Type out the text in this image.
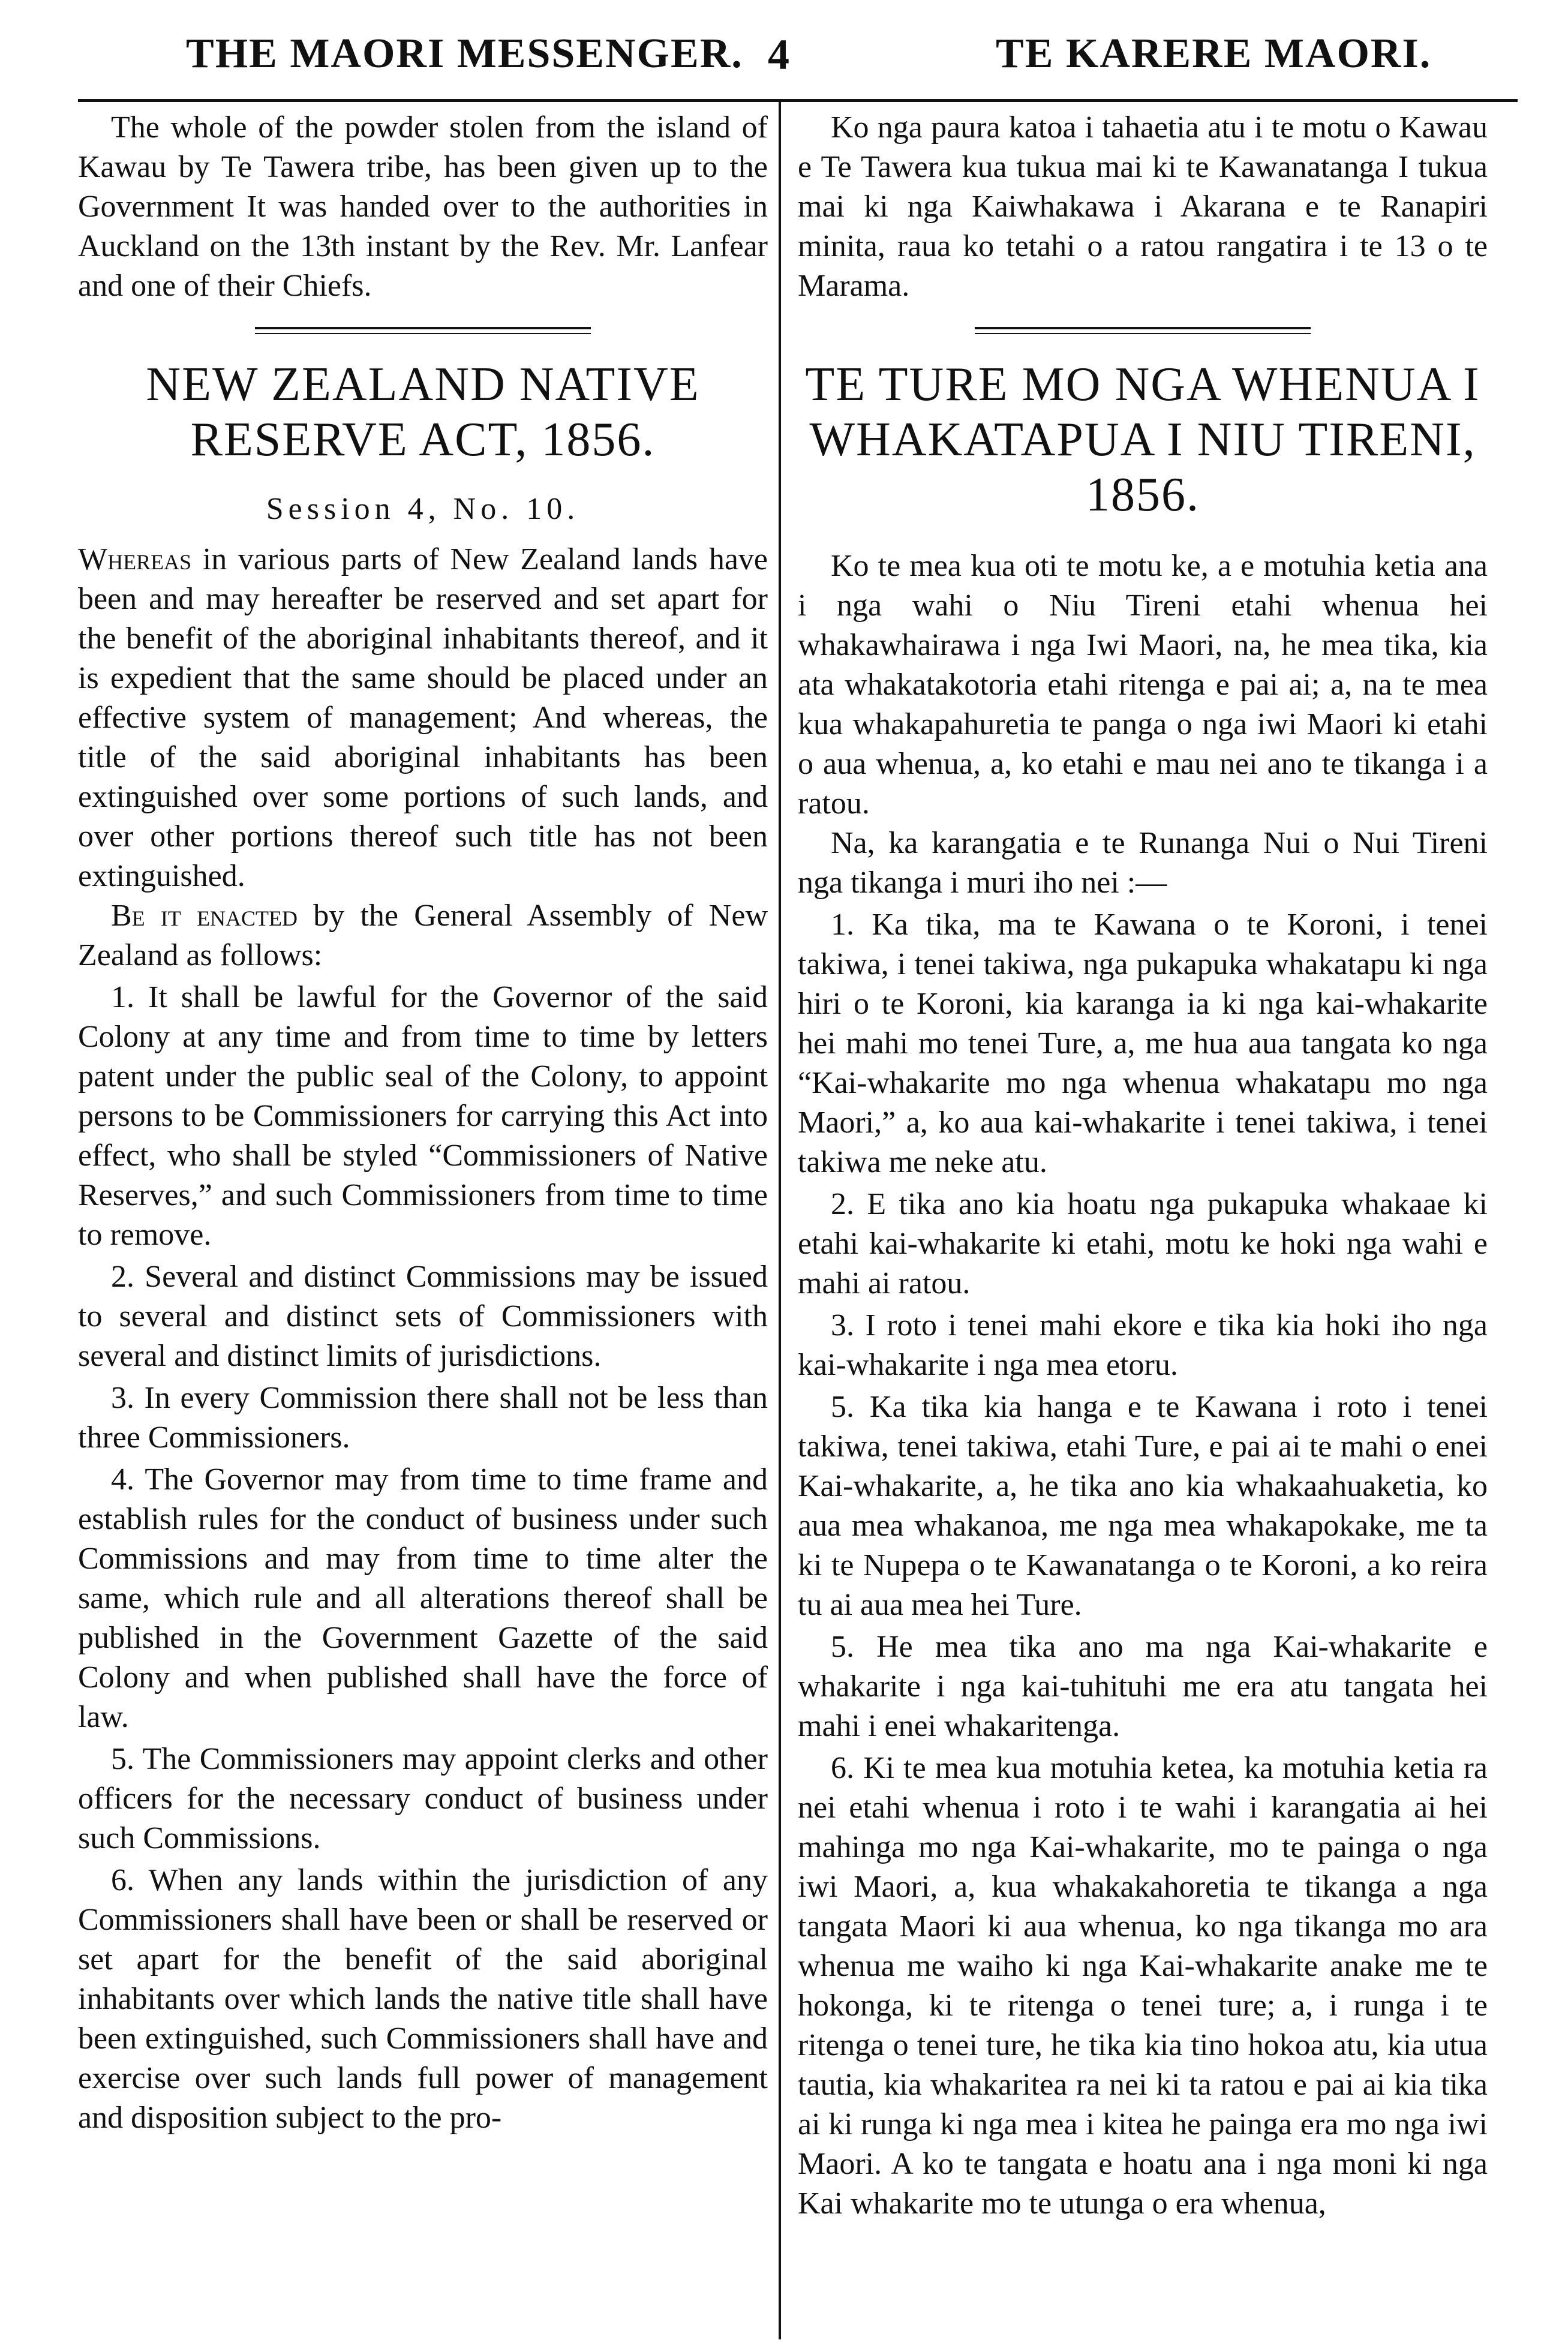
THE MAORI MESSENGER. 4	TE KARERE MAORI.

The whole of the powder stolen from the island of Kawau by Te Tawera tribe, has been given up to the Government It was handed over to the authorities in Auckland on the 13th instant by the Rev. Mr. Lanfear and one of their Chiefs.

NEW ZEALAND NATIVE RESERVE ACT, 1856.
Session 4, No. 10.

Whereas in various parts of New Zealand lands have been and may hereafter be reserved and set apart for the benefit of the aboriginal inhabitants thereof, and it is expedient that the same should be placed under an effective system of management; And whereas, the title of the said aboriginal inhabitants has been extinguished over some portions of such lands, and over other portions thereof such title has not been extinguished.

Be it enacted by the General Assembly of New Zealand as follows:

1. It shall be lawful for the Governor of the said Colony at any time and from time to time by letters patent under the public seal of the Colony, to appoint persons to be Commissioners for carrying this Act into effect, who shall be styled “Commissioners of Native Reserves,” and such Commissioners from time to time to remove.

2. Several and distinct Commissions may be issued to several and distinct sets of Commissioners with several and distinct limits of jurisdictions.

3. In every Commission there shall not be less than three Commissioners.

4. The Governor may from time to time frame and establish rules for the conduct of business under such Commissions and may from time to time alter the same, which rule and all alterations thereof shall be published in the Government Gazette of the said Colony and when published shall have the force of law.

5. The Commissioners may appoint clerks and other officers for the necessary conduct of business under such Commissions.

6. When any lands within the jurisdiction of any Commissioners shall have been or shall be reserved or set apart for the benefit of the said aboriginal inhabitants over which lands the native title shall have been extinguished, such Commissioners shall have and exercise over such lands full power of management and disposition subject to the pro-

Ko nga paura katoa i tahaetia atu i te motu o Kawau e Te Tawera kua tukua mai ki te Kawanatanga I tukua mai ki nga Kaiwhakawa i Akarana e te Ranapiri minita, raua ko tetahi o a ratou rangatira i te 13 o te Marama.

TE TURE MO NGA WHENUA I WHAKATAPUA I NIU TIRENI, 1856.

Ko te mea kua oti te motu ke, a e motuhia ketia ana i nga wahi o Niu Tireni etahi whenua hei whakawhairawa i nga Iwi Maori, na, he mea tika, kia ata whakatakotoria etahi ritenga e pai ai; a, na te mea kua whakapahuretia te panga o nga iwi Maori ki etahi o aua whenua, a, ko etahi e mau nei ano te tikanga i a ratou.

Na, ka karangatia e te Runanga Nui o Nui Tireni nga tikanga i muri iho nei :—

1. Ka tika, ma te Kawana o te Koroni, i tenei takiwa, i tenei takiwa, nga pukapuka whakatapu ki nga hiri o te Koroni, kia karanga ia ki nga kai-whakarite hei mahi mo tenei Ture, a, me hua aua tangata ko nga “Kai-whakarite mo nga whenua whakatapu mo nga Maori,” a, ko aua kai-whakarite i tenei takiwa, i tenei takiwa me neke atu.

2. E tika ano kia hoatu nga pukapuka whakaae ki etahi kai-whakarite ki etahi, motu ke hoki nga wahi e mahi ai ratou.

3. I roto i tenei mahi ekore e tika kia hoki iho nga kai-whakarite i nga mea etoru.

5. Ka tika kia hanga e te Kawana i roto i tenei takiwa, tenei takiwa, etahi Ture, e pai ai te mahi o enei Kai-whakarite, a, he tika ano kia whakaahuaketia, ko aua mea whakanoa, me nga mea whakapokake, me ta ki te Nupepa o te Kawanatanga o te Koroni, a ko reira tu ai aua mea hei Ture.

5. He mea tika ano ma nga Kai-whakarite e whakarite i nga kai-tuhituhi me era atu tangata hei mahi i enei whakaritenga.

6. Ki te mea kua motuhia ketea, ka motuhia ketia ra nei etahi whenua i roto i te wahi i karangatia ai hei mahinga mo nga Kai-whakarite, mo te painga o nga iwi Maori, a, kua whakakahoretia te tikanga a nga tangata Maori ki aua whenua, ko nga tikanga mo ara whenua me waiho ki nga Kai-whakarite anake me te hokonga, ki te ritenga o tenei ture; a, i runga i te ritenga o tenei ture, he tika kia tino hokoa atu, kia utua tautia, kia whakaritea ra nei ki ta ratou e pai ai kia tika ai ki runga ki nga mea i kitea he painga era mo nga iwi Maori. A ko te tangata e hoatu ana i nga moni ki nga Kai whakarite mo te utunga o era whenua,
